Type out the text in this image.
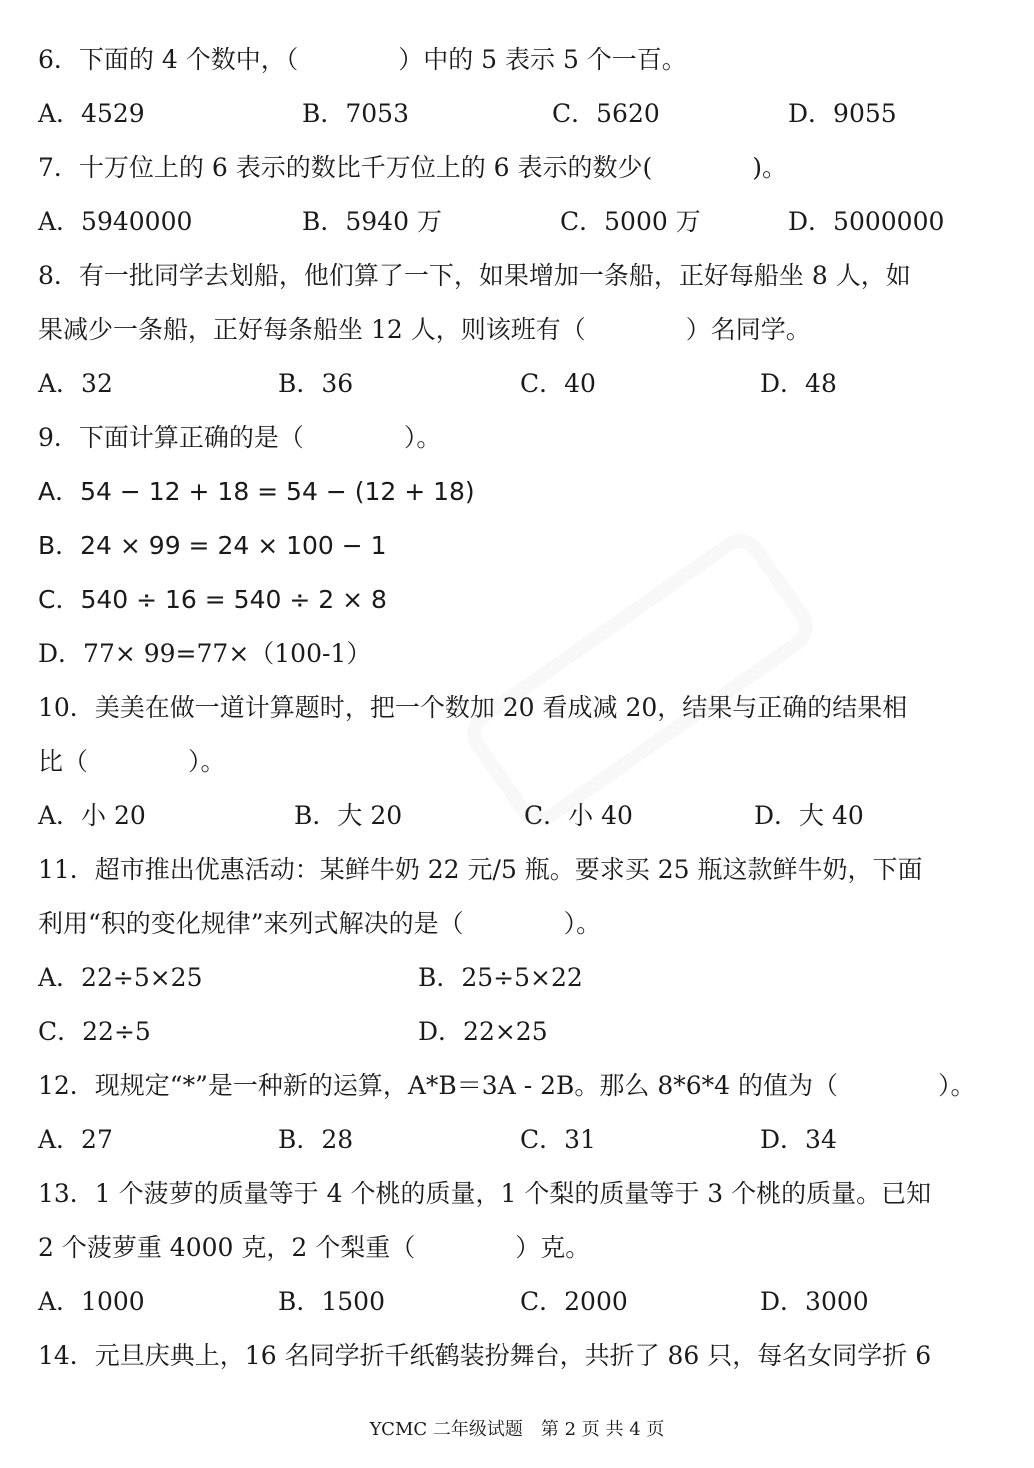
6．下面的 4 个数中，（　　　　）中的 5 表示 5 个一百。
A．4529	B．7053	C．5620	D．9055
7．十万位上的 6 表示的数比千万位上的 6 表示的数少(　　　　)。
A．5940000	B．5940 万	C．5000 万	D．5000000
8．有一批同学去划船，他们算了一下，如果增加一条船，正好每船坐 8 人，如
果减少一条船，正好每条船坐 12 人，则该班有（　　　　）名同学。
A．32	B．36	C．40	D．48
9．下面计算正确的是（　　　　）。
A．54 − 12 + 18 = 54 − (12 + 18)
B．24 × 99 = 24 × 100 − 1
C．540 ÷ 16 = 540 ÷ 2 × 8
D．77× 99=77×（100-1）
10．美美在做一道计算题时，把一个数加 20 看成减 20，结果与正确的结果相
比（　　　　）。
A．小 20	B．大 20	C．小 40	D．大 40
11．超市推出优惠活动：某鲜牛奶 22 元/5 瓶。要求买 25 瓶这款鲜牛奶，下面
利用“积的变化规律”来列式解决的是（　　　　）。
A．22÷5×25	B．25÷5×22
C．22÷5	D．22×25
12．现规定“*”是一种新的运算，A*B＝3A - 2B。那么 8*6*4 的值为（　　　　）。
A．27	B．28	C．31	D．34
13．1 个菠萝的质量等于 4 个桃的质量，1 个梨的质量等于 3 个桃的质量。已知
2 个菠萝重 4000 克，2 个梨重（　　　　）克。
A．1000	B．1500	C．2000	D．3000
14．元旦庆典上，16 名同学折千纸鹤装扮舞台，共折了 86 只，每名女同学折 6
YCMC 二年级试题　第 2 页 共 4 页
